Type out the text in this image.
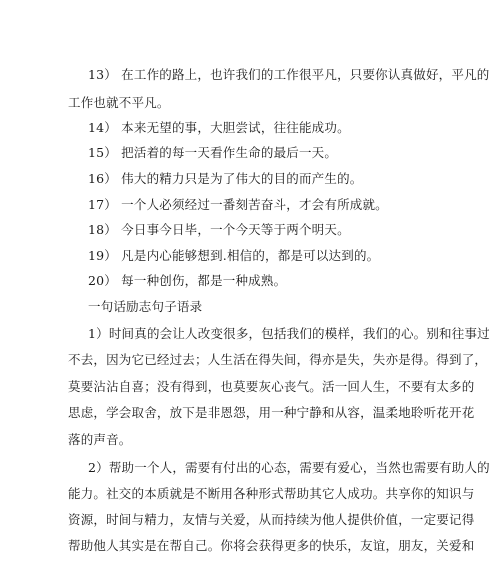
13） 在工作的路上，也许我们的工作很平凡，只要你认真做好，平凡的
工作也就不平凡。
14） 本来无望的事，大胆尝试，往往能成功。
15） 把活着的每一天看作生命的最后一天。
16） 伟大的精力只是为了伟大的目的而产生的。
17） 一个人必须经过一番刻苦奋斗，才会有所成就。
18） 今日事今日毕，一个今天等于两个明天。
19） 凡是内心能够想到.相信的，都是可以达到的。
20） 每一种创伤，都是一种成熟。
一句话励志句子语录
1）时间真的会让人改变很多，包括我们的模样，我们的心。别和往事过
不去，因为它已经过去；人生活在得失间，得亦是失，失亦是得。得到了，
莫要沾沾自喜；没有得到，也莫要灰心丧气。活一回人生，不要有太多的
思虑，学会取舍，放下是非恩怨，用一种宁静和从容，温柔地聆听花开花
落的声音。
2）帮助一个人，需要有付出的心态，需要有爱心，当然也需要有助人的
能力。社交的本质就是不断用各种形式帮助其它人成功。共享你的知识与
资源，时间与精力，友情与关爱，从而持续为他人提供价值，一定要记得
帮助他人其实是在帮自己。你将会获得更多的快乐，友谊，朋友，关爱和
